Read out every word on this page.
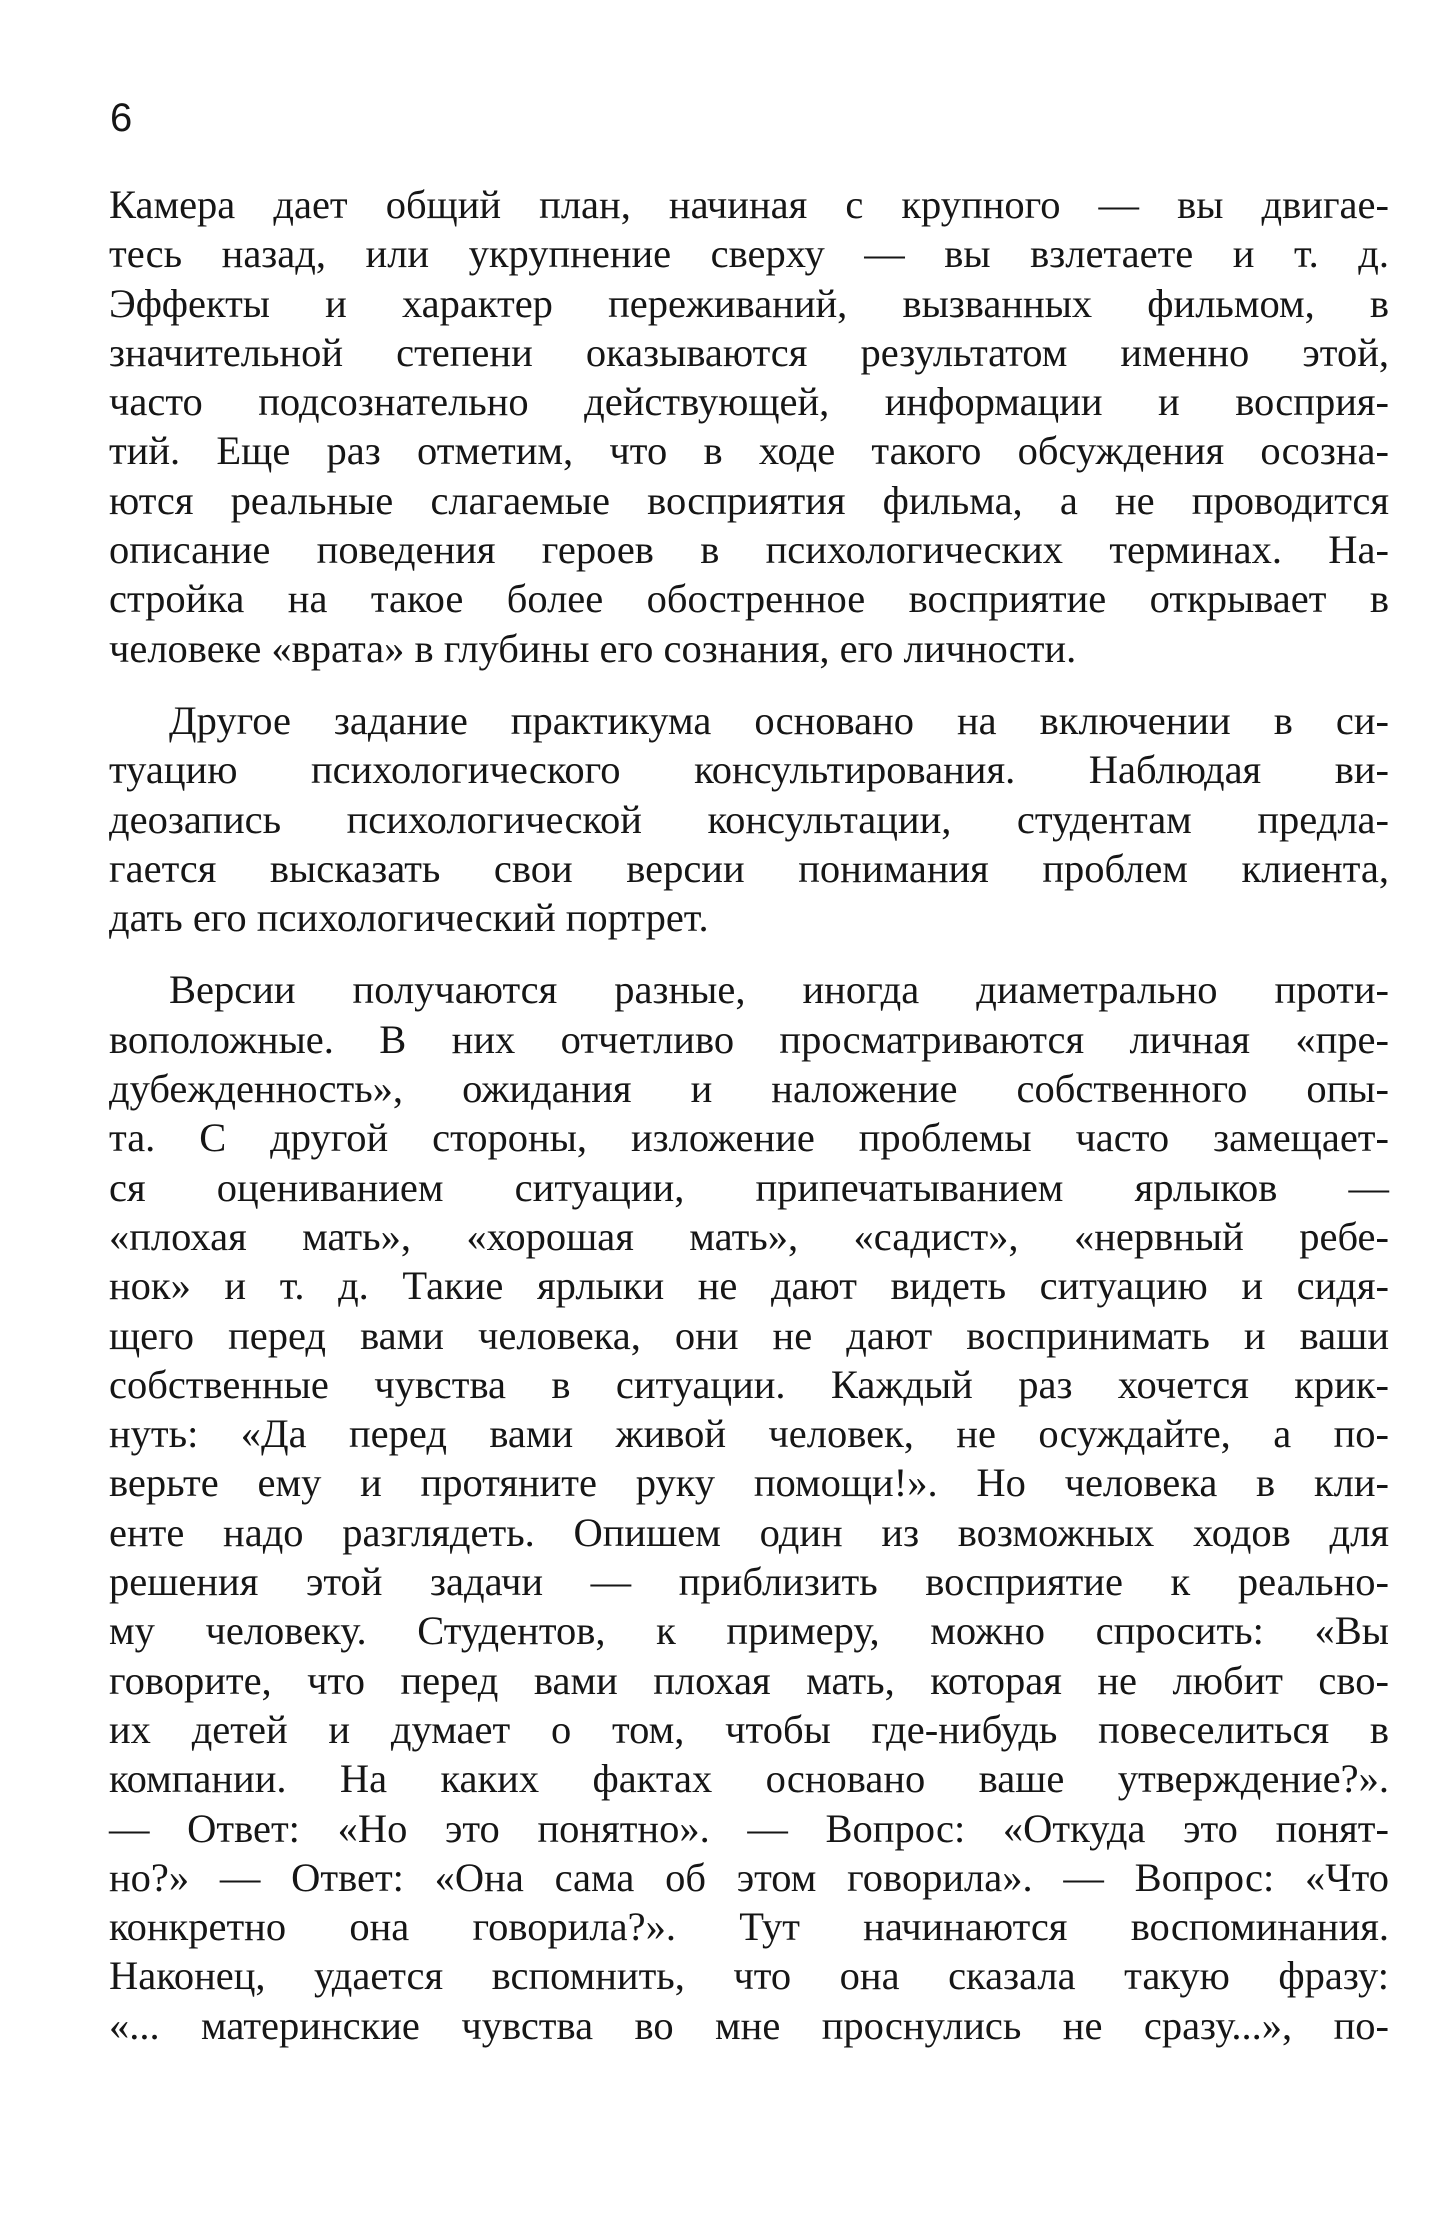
6
Камера дает общий план, начиная с крупного — вы двигае-
тесь назад, или укрупнение сверху — вы взлетаете и т. д.
Эффекты и характер переживаний, вызванных фильмом, в
значительной степени оказываются результатом именно этой,
часто подсознательно действующей, информации и восприя-
тий. Еще раз отметим, что в ходе такого обсуждения осозна-
ются реальные слагаемые восприятия фильма, а не проводится
описание поведения героев в психологических терминах. На-
стройка на такое более обостренное восприятие открывает в
человеке «врата» в глубины его сознания, его личности.
Другое задание практикума основано на включении в си-
туацию психологического консультирования. Наблюдая ви-
деозапись психологической консультации, студентам предла-
гается высказать свои версии понимания проблем клиента,
дать его психологический портрет.
Версии получаются разные, иногда диаметрально проти-
воположные. В них отчетливо просматриваются личная «пре-
дубежденность», ожидания и наложение собственного опы-
та. С другой стороны, изложение проблемы часто замещает-
ся оцениванием ситуации, припечатыванием ярлыков —
«плохая мать», «хорошая мать», «садист», «нервный ребе-
нок» и т. д. Такие ярлыки не дают видеть ситуацию и сидя-
щего перед вами человека, они не дают воспринимать и ваши
собственные чувства в ситуации. Каждый раз хочется крик-
нуть: «Да перед вами живой человек, не осуждайте, а по-
верьте ему и протяните руку помощи!». Но человека в кли-
енте надо разглядеть. Опишем один из возможных ходов для
решения этой задачи — приблизить восприятие к реально-
му человеку. Студентов, к примеру, можно спросить: «Вы
говорите, что перед вами плохая мать, которая не любит сво-
их детей и думает о том, чтобы где-нибудь повеселиться в
компании. На каких фактах основано ваше утверждение?».
— Ответ: «Но это понятно». — Вопрос: «Откуда это понят-
но?» — Ответ: «Она сама об этом говорила». — Вопрос: «Что
конкретно она говорила?». Тут начинаются воспоминания.
Наконец, удается вспомнить, что она сказала такую фразу:
«... материнские чувства во мне проснулись не сразу...», по-
